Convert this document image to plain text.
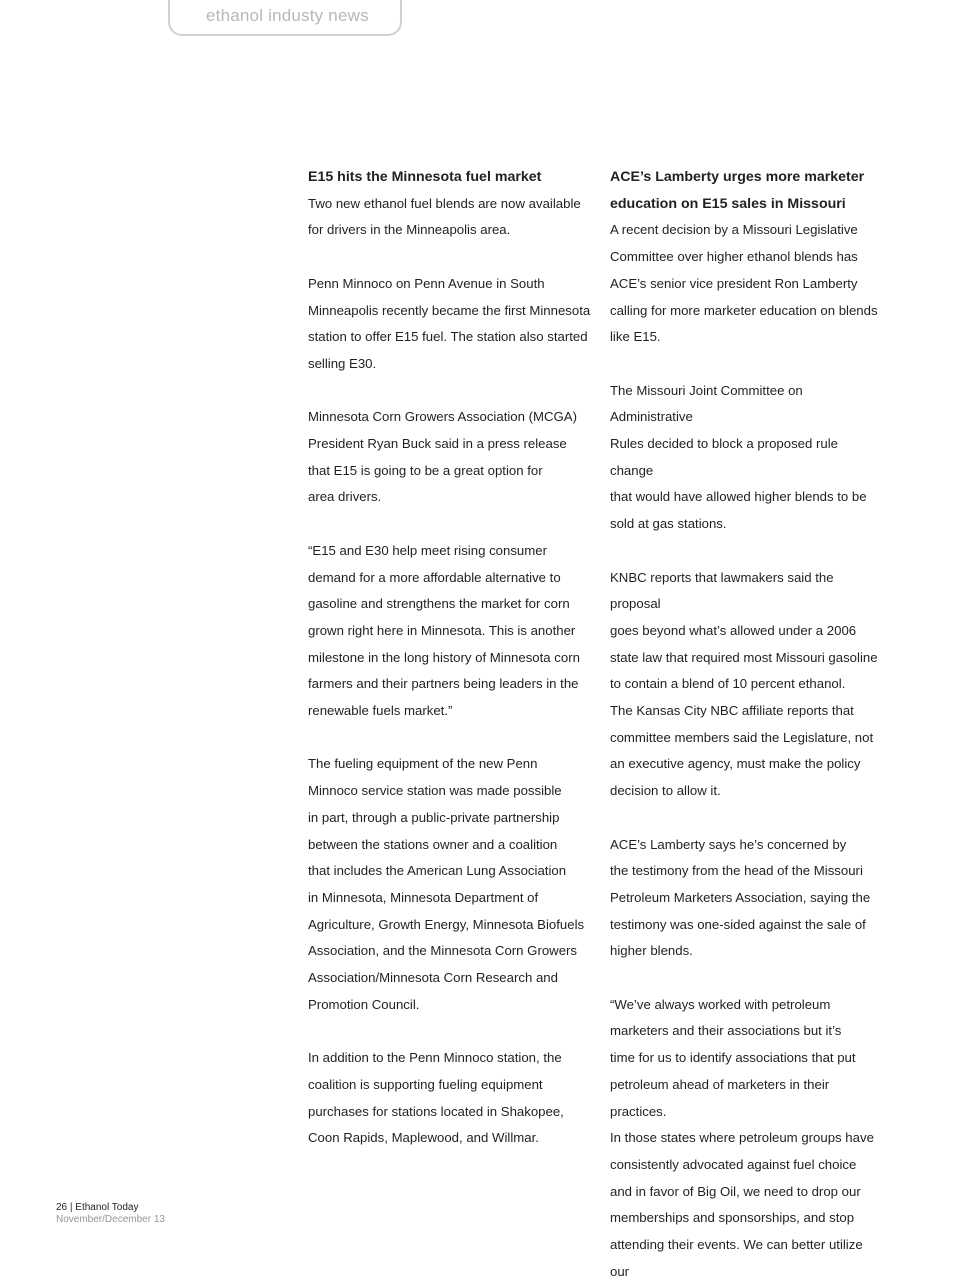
ethanol industy news
E15 hits the Minnesota fuel market

Two new ethanol fuel blends are now available
for drivers in the Minneapolis area.

Penn Minnoco on Penn Avenue in South
Minneapolis recently became the first Minnesota
station to offer E15 fuel. The station also started
selling E30.

Minnesota Corn Growers Association (MCGA)
President Ryan Buck said in a press release
that E15 is going to be a great option for
area drivers.

“E15 and E30 help meet rising consumer
demand for a more affordable alternative to
gasoline and strengthens the market for corn
grown right here in Minnesota. This is another
milestone in the long history of Minnesota corn
farmers and their partners being leaders in the
renewable fuels market.”

The fueling equipment of the new Penn
Minnoco service station was made possible
in part, through a public-private partnership
between the stations owner and a coalition
that includes the American Lung Association
in Minnesota, Minnesota Department of
Agriculture, Growth Energy, Minnesota Biofuels
Association, and the Minnesota Corn Growers
Association/Minnesota Corn Research and
Promotion Council.

In addition to the Penn Minnoco station, the
coalition is supporting fueling equipment
purchases for stations located in Shakopee,
Coon Rapids, Maplewood, and Willmar.

ACE’s Lamberty urges more marketer
education on E15 sales in Missouri

A recent decision by a Missouri Legislative
Committee over higher ethanol blends has
ACE’s senior vice president Ron Lamberty
calling for more marketer education on blends
like E15.

The Missouri Joint Committee on Administrative
Rules decided to block a proposed rule change
that would have allowed higher blends to be
sold at gas stations.

KNBC reports that lawmakers said the proposal
goes beyond what’s allowed under a 2006
state law that required most Missouri gasoline
to contain a blend of 10 percent ethanol.
The Kansas City NBC affiliate reports that
committee members said the Legislature, not
an executive agency, must make the policy
decision to allow it.

ACE’s Lamberty says he’s concerned by
the testimony from the head of the Missouri
Petroleum Marketers Association, saying the
testimony was one-sided against the sale of
higher blends.

“We’ve always worked with petroleum
marketers and their associations but it’s
time for us to identify associations that put
petroleum ahead of marketers in their practices.
In those states where petroleum groups have
consistently advocated against fuel choice
and in favor of Big Oil, we need to drop our
memberships and sponsorships, and stop
attending their events. We can better utilize our

26 | Ethanol Today
November/December 13
